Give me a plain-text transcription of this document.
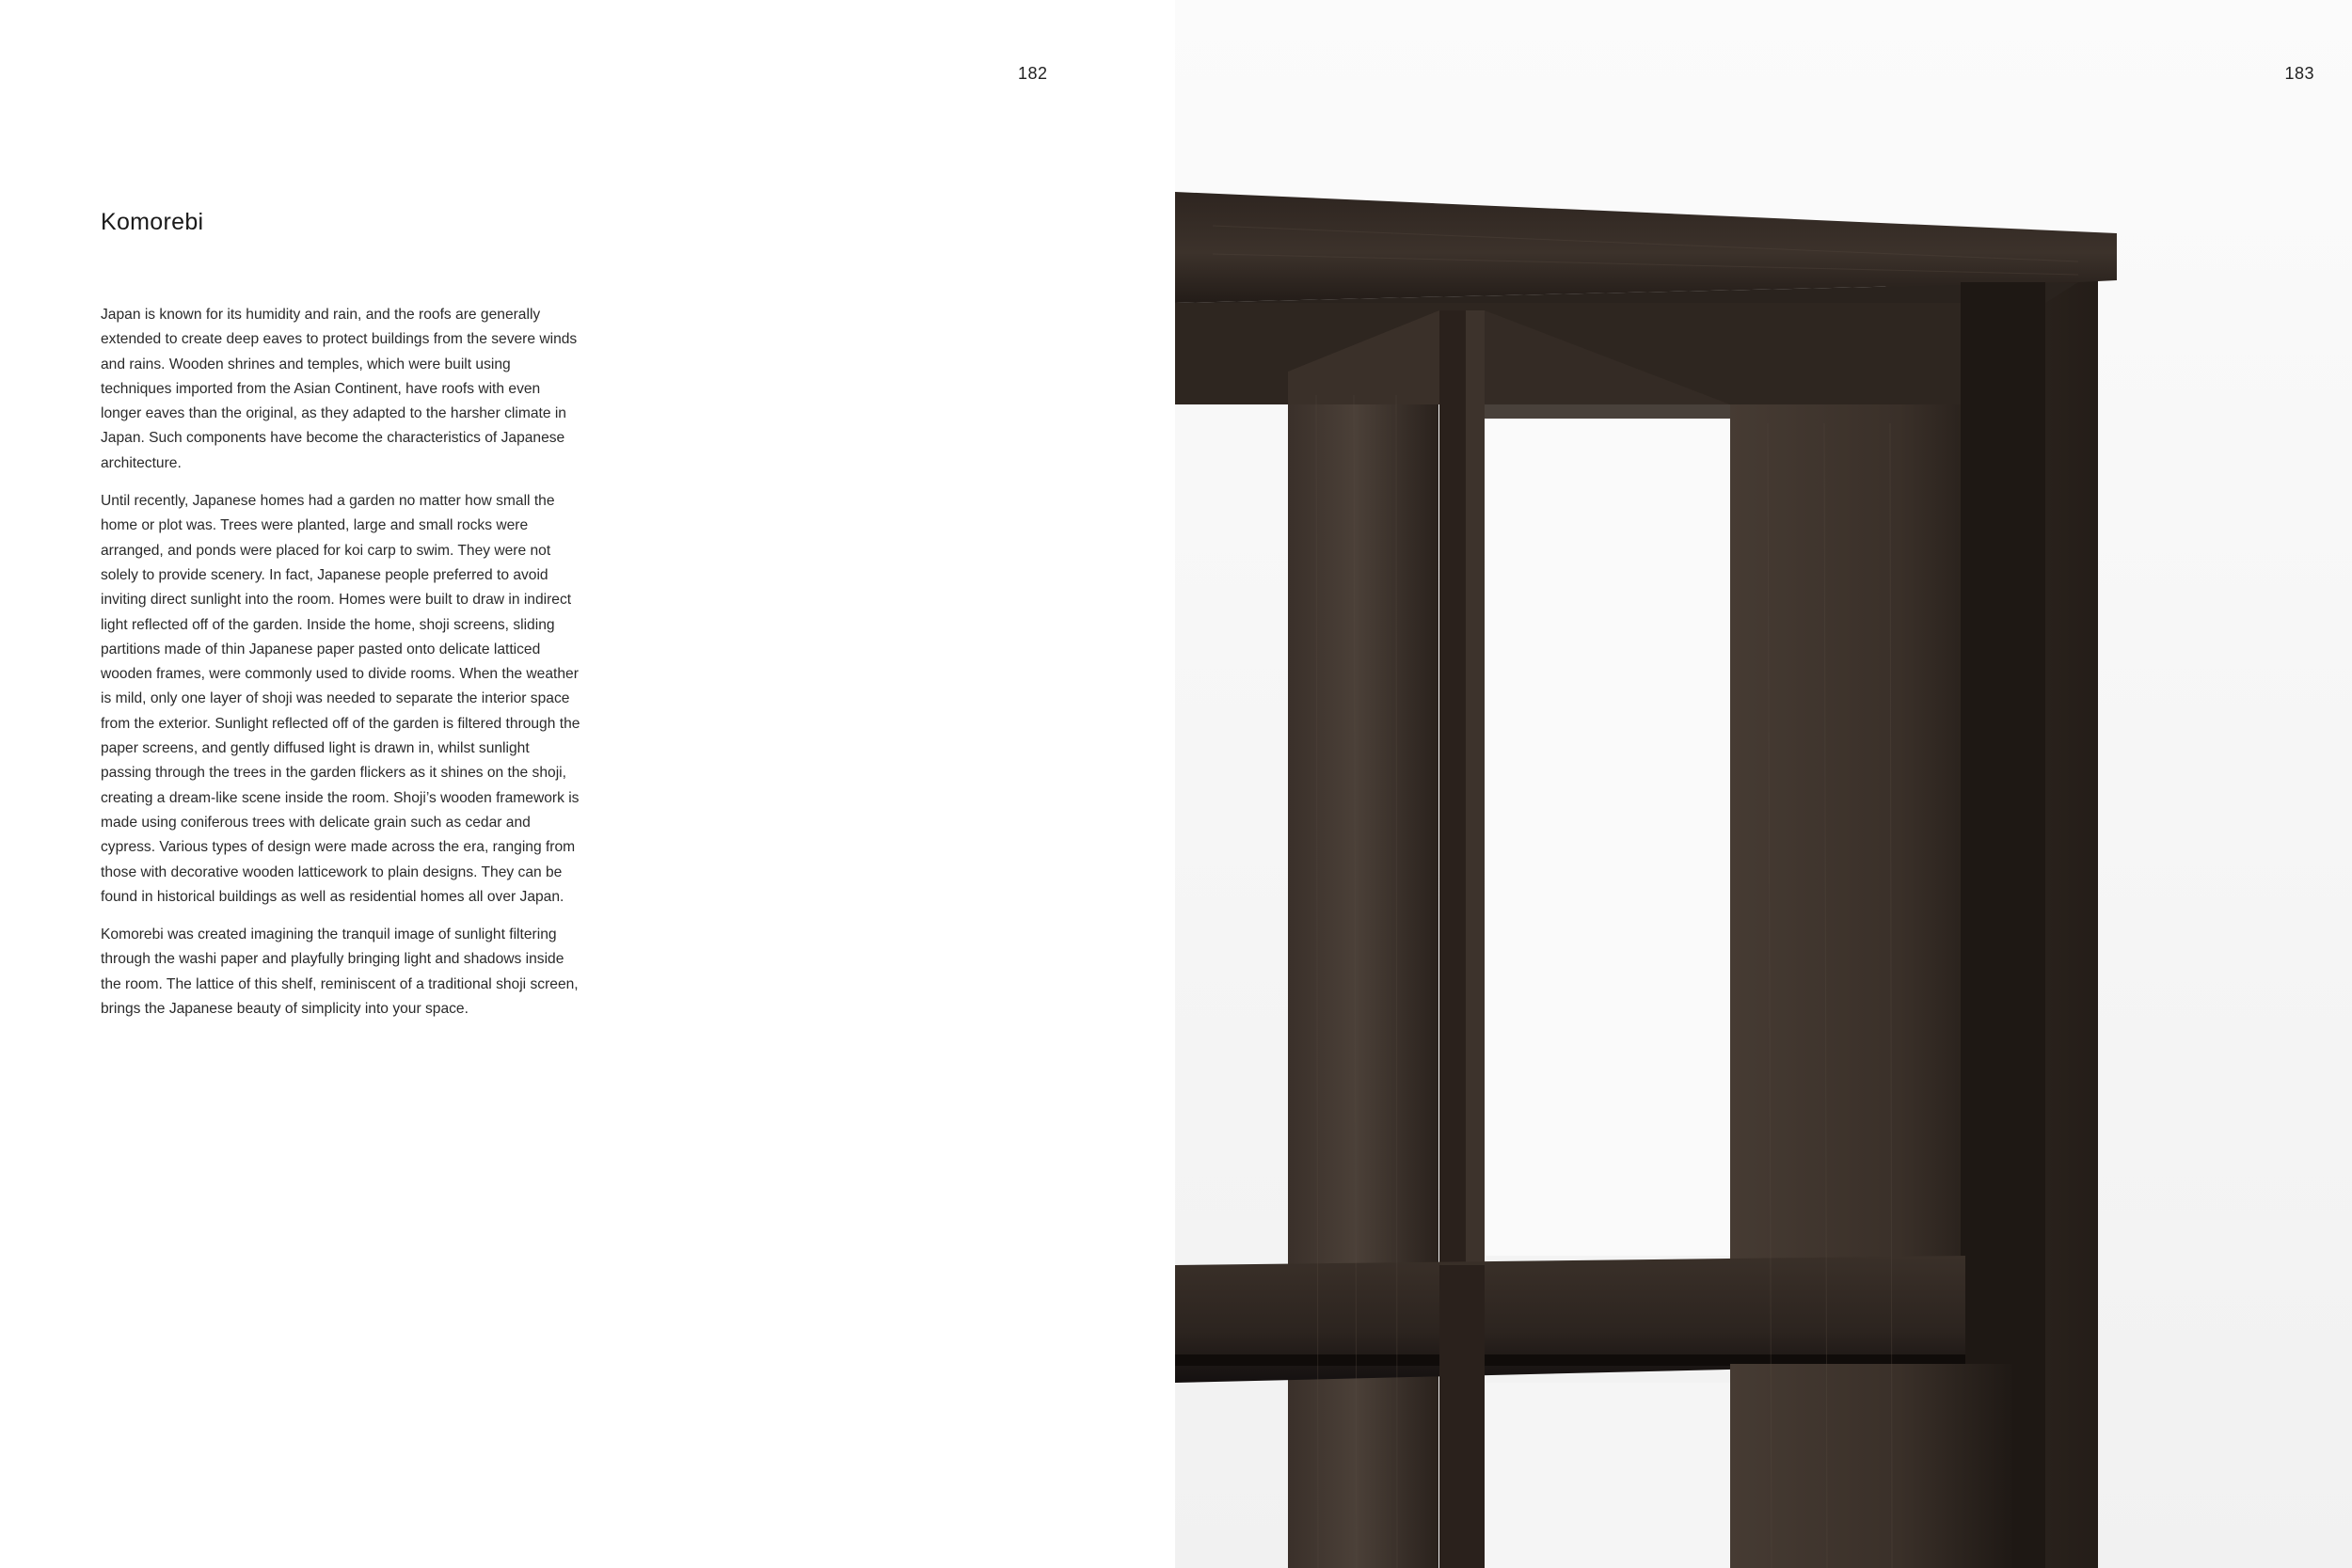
182
Komorebi

Japan is known for its humidity and rain, and the roofs are generally extended to create deep eaves to protect buildings from the severe winds and rains. Wooden shrines and temples, which were built using techniques imported from the Asian Continent, have roofs with even longer eaves than the original, as they adapted to the harsher climate in Japan. Such components have become the characteristics of Japanese architecture.

Until recently, Japanese homes had a garden no matter how small the home or plot was. Trees were planted, large and small rocks were arranged, and ponds were placed for koi carp to swim. They were not solely to provide scenery. In fact, Japanese people preferred to avoid inviting direct sunlight into the room. Homes were built to draw in indirect light reflected off of the garden. Inside the home, shoji screens, sliding partitions made of thin Japanese paper pasted onto delicate latticed wooden frames, were commonly used to divide rooms. When the weather is mild, only one layer of shoji was needed to separate the interior space from the exterior. Sunlight reflected off of the garden is filtered through the paper screens, and gently diffused light is drawn in, whilst sunlight passing through the trees in the garden flickers as it shines on the shoji, creating a dream-like scene inside the room. Shoji’s wooden framework is made using coniferous trees with delicate grain such as cedar and cypress. Various types of design were made across the era, ranging from those with decorative wooden latticework to plain designs. They can be found in historical buildings as well as residential homes all over Japan.

Komorebi was created imagining the tranquil image of sunlight filtering through the washi paper and playfully bringing light and shadows inside the room. The lattice of this shelf, reminiscent of a traditional shoji screen, brings the Japanese beauty of simplicity into your space.

183
